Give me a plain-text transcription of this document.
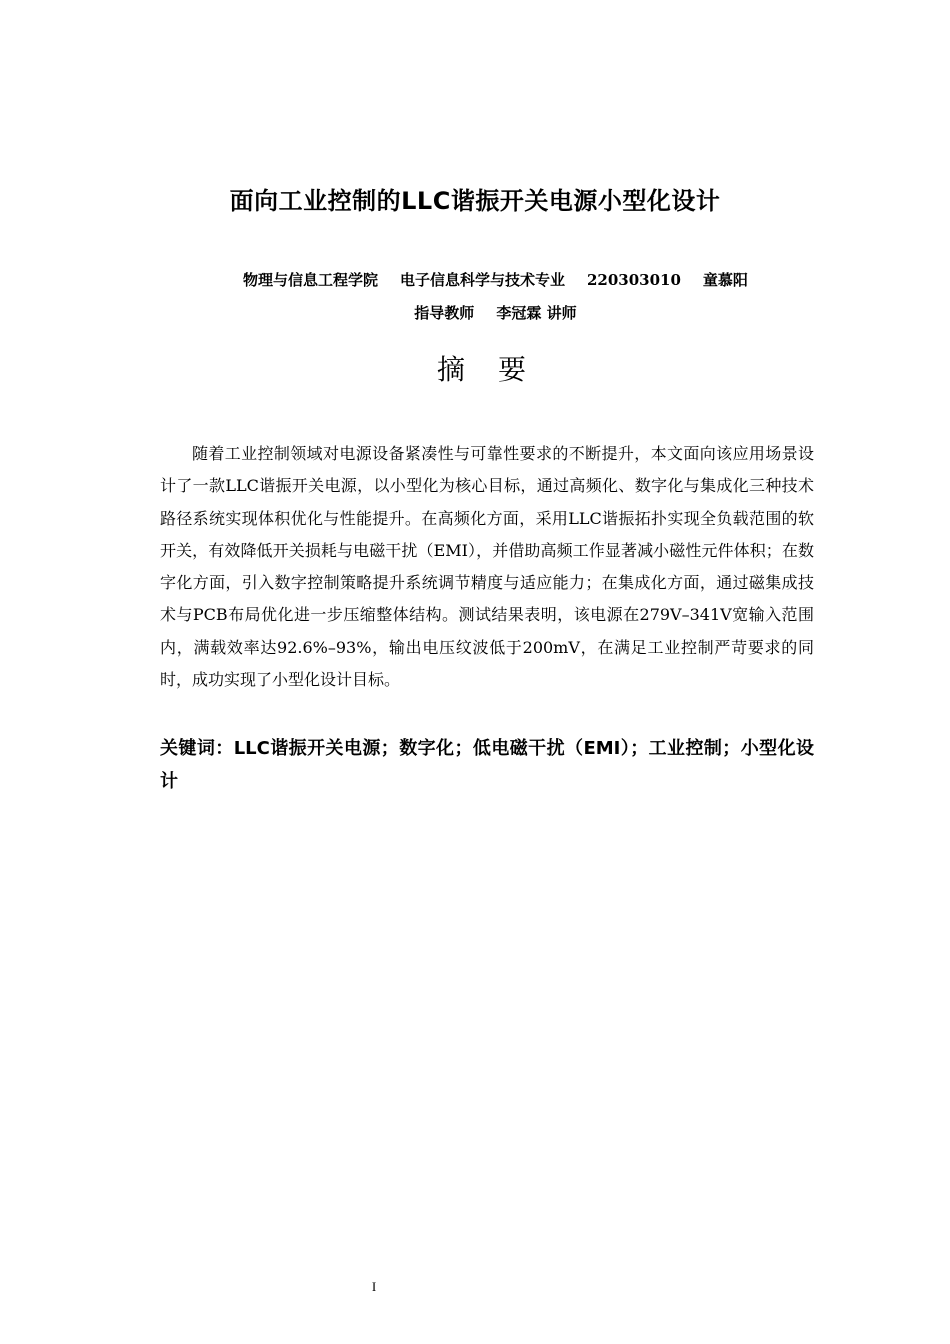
面向工业控制的LLC谐振开关电源小型化设计

物理与信息工程学院 电子信息科学与技术专业 220303010 童慕阳

指导教师 李冠霖 讲师

摘 要

随着工业控制领域对电源设备紧凑性与可靠性要求的不断提升，本文面向该应用场景设计了一款LLC谐振开关电源，以小型化为核心目标，通过高频化、数字化与集成化三种技术路径系统实现体积优化与性能提升。在高频化方面，采用LLC谐振拓扑实现全负载范围的软开关，有效降低开关损耗与电磁干扰（EMI），并借助高频工作显著减小磁性元件体积；在数字化方面，引入数字控制策略提升系统调节精度与适应能力；在集成化方面，通过磁集成技术与PCB布局优化进一步压缩整体结构。测试结果表明，该电源在279V–341V宽输入范围内，满载效率达92.6%–93%，输出电压纹波低于200mV，在满足工业控制严苛要求的同时，成功实现了小型化设计目标。

关键词：LLC谐振开关电源；数字化；低电磁干扰（EMI）；工业控制；小型化设计

I
